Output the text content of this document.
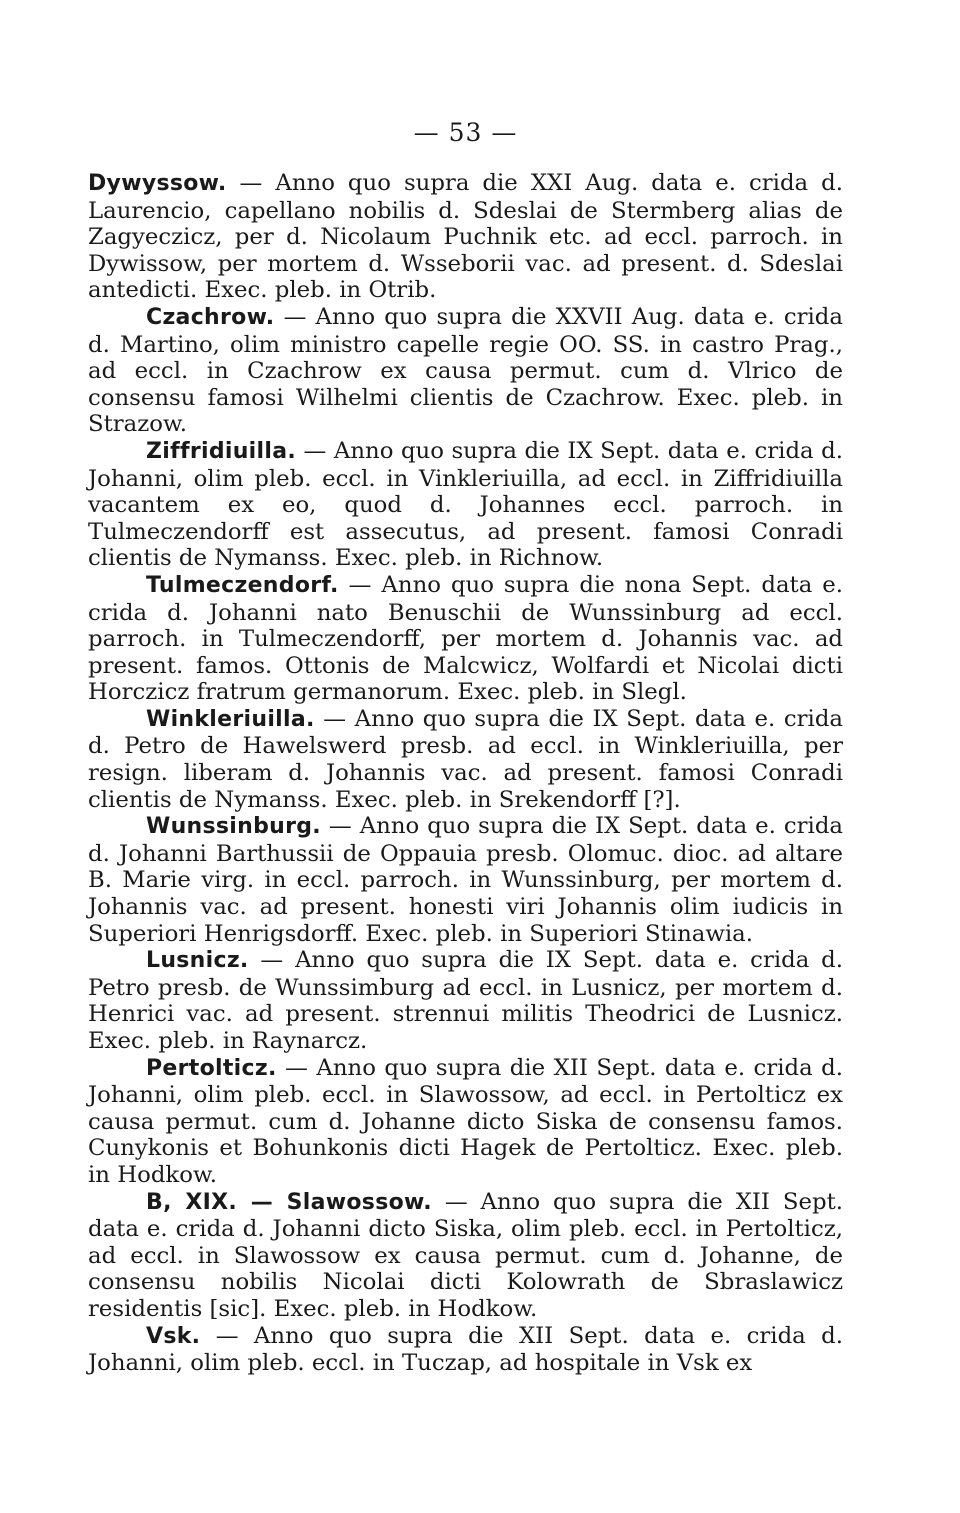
— 53 —

Dywyssow. — Anno quo supra die XXI Aug. data e. crida d. Laurencio, capellano nobilis d. Sdeslai de Stermberg alias de Zagyeczicz, per d. Nicolaum Puchnik etc. ad eccl. parroch. in Dywissow, per mortem d. Wsseborii vac. ad present. d. Sdeslai antedicti. Exec. pleb. in Otrib.

Czachrow. — Anno quo supra die XXVII Aug. data e. crida d. Martino, olim ministro capelle regie OO. SS. in castro Prag., ad eccl. in Czachrow ex causa permut. cum d. Vlrico de consensu famosi Wilhelmi clientis de Czachrow. Exec. pleb. in Strazow.

Ziffridiuilla. — Anno quo supra die IX Sept. data e. crida d. Johanni, olim pleb. eccl. in Vinkleriuilla, ad eccl. in Ziffridiuilla vacantem ex eo, quod d. Johannes eccl. parroch. in Tulmeczendorff est assecutus, ad present. famosi Conradi clientis de Nymanss. Exec. pleb. in Richnow.

Tulmeczendorf. — Anno quo supra die nona Sept. data e. crida d. Johanni nato Benuschii de Wunssinburg ad eccl. parroch. in Tulmeczendorff, per mortem d. Johannis vac. ad present. famos. Ottonis de Malcwicz, Wolfardi et Nicolai dicti Horczicz fratrum germanorum. Exec. pleb. in Slegl.

Winkleriuilla. — Anno quo supra die IX Sept. data e. crida d. Petro de Hawelswerd presb. ad eccl. in Winkleriuilla, per resign. liberam d. Johannis vac. ad present. famosi Conradi clientis de Nymanss. Exec. pleb. in Srekendorff [?].

Wunssinburg. — Anno quo supra die IX Sept. data e. crida d. Johanni Barthussii de Oppauia presb. Olomuc. dioc. ad altare B. Marie virg. in eccl. parroch. in Wunssinburg, per mortem d. Johannis vac. ad present. honesti viri Johannis olim iudicis in Superiori Henrigsdorff. Exec. pleb. in Superiori Stinawia.

Lusnicz. — Anno quo supra die IX Sept. data e. crida d. Petro presb. de Wunssimburg ad eccl. in Lusnicz, per mortem d. Henrici vac. ad present. strennui militis Theodrici de Lusnicz. Exec. pleb. in Raynarcz.

Pertolticz. — Anno quo supra die XII Sept. data e. crida d. Johanni, olim pleb. eccl. in Slawossow, ad eccl. in Pertolticz ex causa permut. cum d. Johanne dicto Siska de consensu famos. Cunykonis et Bohunkonis dicti Hagek de Pertolticz. Exec. pleb. in Hodkow.

B, XIX. — Slawossow. — Anno quo supra die XII Sept. data e. crida d. Johanni dicto Siska, olim pleb. eccl. in Pertolticz, ad eccl. in Slawossow ex causa permut. cum d. Johanne, de consensu nobilis Nicolai dicti Kolowrath de Sbraslawicz residentis [sic]. Exec. pleb. in Hodkow.

Vsk. — Anno quo supra die XII Sept. data e. crida d. Johanni, olim pleb. eccl. in Tuczap, ad hospitale in Vsk ex
